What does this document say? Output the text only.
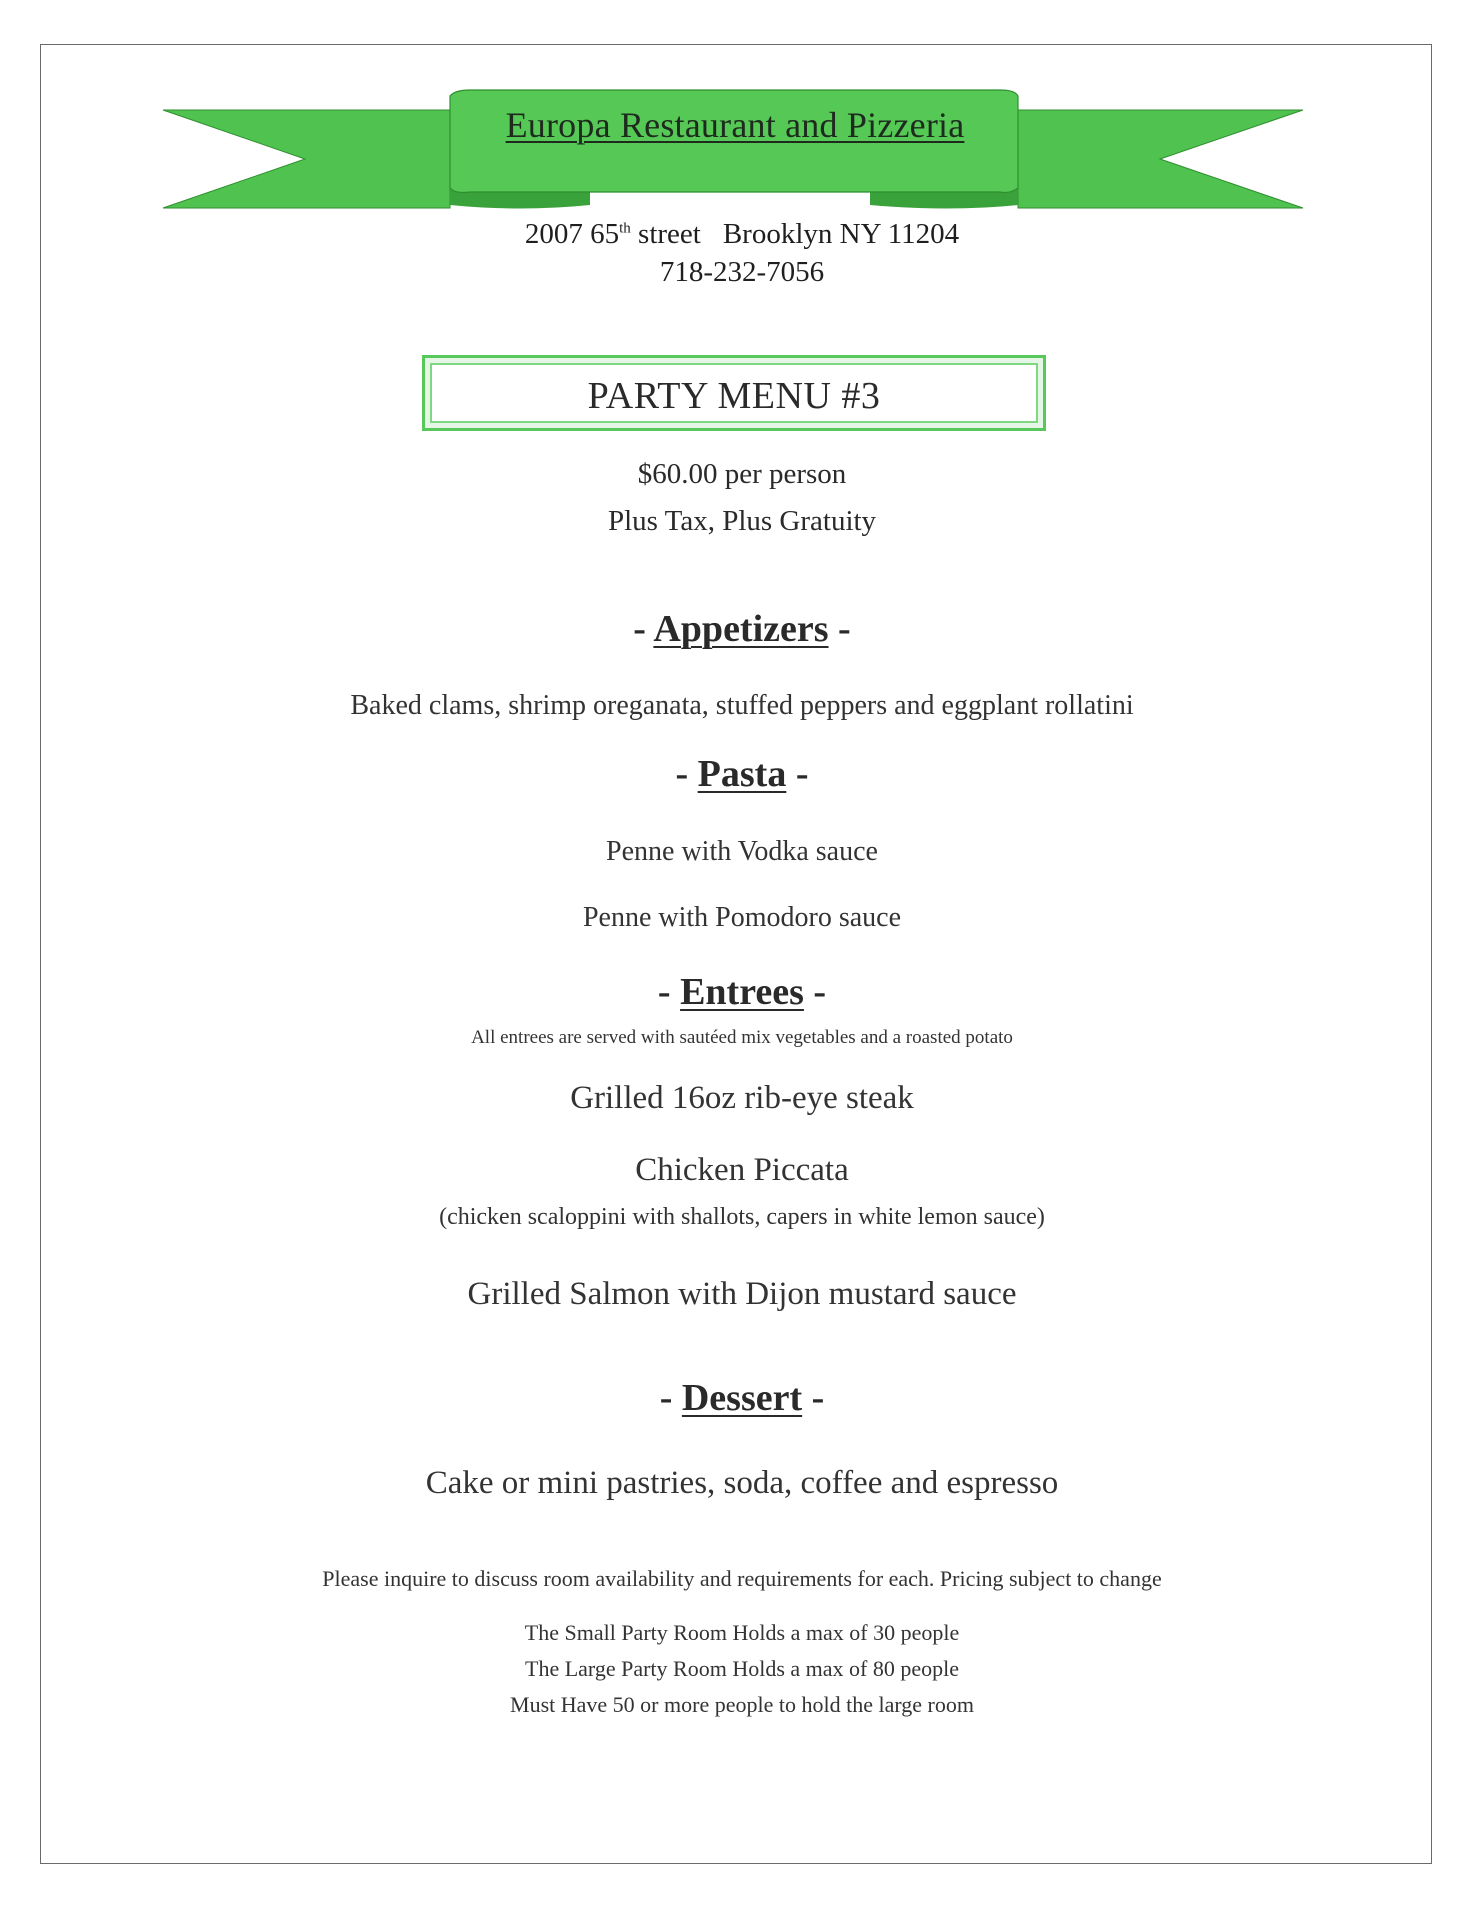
Europa Restaurant and Pizzeria
2007 65th street Brooklyn NY 11204
718-232-7056
PARTY MENU #3
$60.00 per person
Plus Tax, Plus Gratuity
- Appetizers -
Baked clams, shrimp oreganata, stuffed peppers and eggplant rollatini
- Pasta -
Penne with Vodka sauce
Penne with Pomodoro sauce
- Entrees -
All entrees are served with sautéed mix vegetables and a roasted potato
Grilled 16oz rib-eye steak
Chicken Piccata
(chicken scaloppini with shallots, capers in white lemon sauce)
Grilled Salmon with Dijon mustard sauce
- Dessert -
Cake or mini pastries, soda, coffee and espresso
Please inquire to discuss room availability and requirements for each. Pricing subject to change
The Small Party Room Holds a max of 30 people
The Large Party Room Holds a max of 80 people
Must Have 50 or more people to hold the large room
